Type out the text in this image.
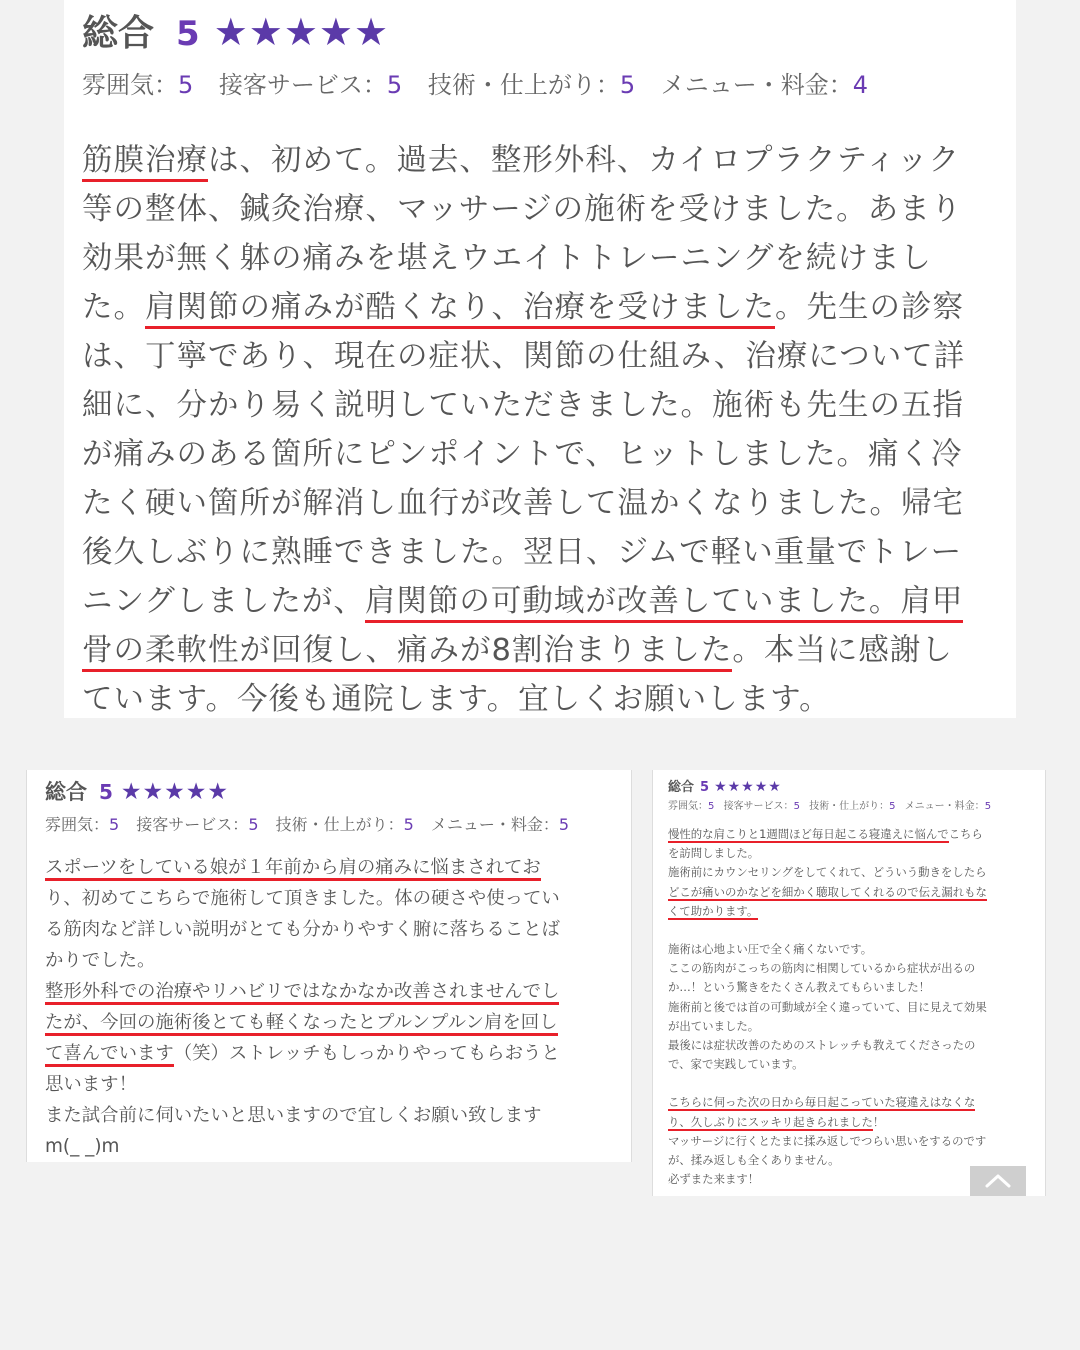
総合 5 ★★★★★
雰囲気：5 接客サービス：5 技術・仕上がり：5 メニュー・料金：4
筋膜治療は、初めて。過去、整形外科、カイロプラクティック
等の整体、鍼灸治療、マッサージの施術を受けました。あまり
効果が無く躰の痛みを堪えウエイトトレーニングを続けまし
た。肩関節の痛みが酷くなり、治療を受けました。先生の診察
は、丁寧であり、現在の症状、関節の仕組み、治療について詳
細に、分かり易く説明していただきました。施術も先生の五指
が痛みのある箇所にピンポイントで、ヒットしました。痛く冷
たく硬い箇所が解消し血行が改善して温かくなりました。帰宅
後久しぶりに熟睡できました。翌日、ジムで軽い重量でトレー
ニングしましたが、肩関節の可動域が改善していました。肩甲
骨の柔軟性が回復し、痛みが8割治まりました。本当に感謝し
ています。今後も通院します。宜しくお願いします。
総合 5 ★★★★★
雰囲気：5 接客サービス：5 技術・仕上がり：5 メニュー・料金：5
スポーツをしている娘が１年前から肩の痛みに悩まされてお
り、初めてこちらで施術して頂きました。体の硬さや使ってい
る筋肉など詳しい説明がとても分かりやすく腑に落ちることば
かりでした。
整形外科での治療やリハビリではなかなか改善されませんでし
たが、今回の施術後とても軽くなったとプルンプルン肩を回し
て喜んでいます（笑）ストレッチもしっかりやってもらおうと
思います！
また試合前に伺いたいと思いますので宜しくお願い致します
m(_ _)m
総合 5 ★★★★★
雰囲気：5 接客サービス：5 技術・仕上がり：5 メニュー・料金：5
慢性的な肩こりと1週間ほど毎日起こる寝違えに悩んでこちら
を訪問しました。
施術前にカウンセリングをしてくれて、どういう動きをしたら
どこが痛いのかなどを細かく聴取してくれるので伝え漏れもな
くて助かります。
施術は心地よい圧で全く痛くないです。
ここの筋肉がこっちの筋肉に相関しているから症状が出るの
か…！という驚きをたくさん教えてもらいました！
施術前と後では首の可動域が全く違っていて、目に見えて効果
が出ていました。
最後には症状改善のためのストレッチも教えてくださったの
で、家で実践しています。
こちらに伺った次の日から毎日起こっていた寝違えはなくな
り、久しぶりにスッキリ起きられました！
マッサージに行くとたまに揉み返しでつらい思いをするのです
が、揉み返しも全くありません。
必ずまた来ます！
